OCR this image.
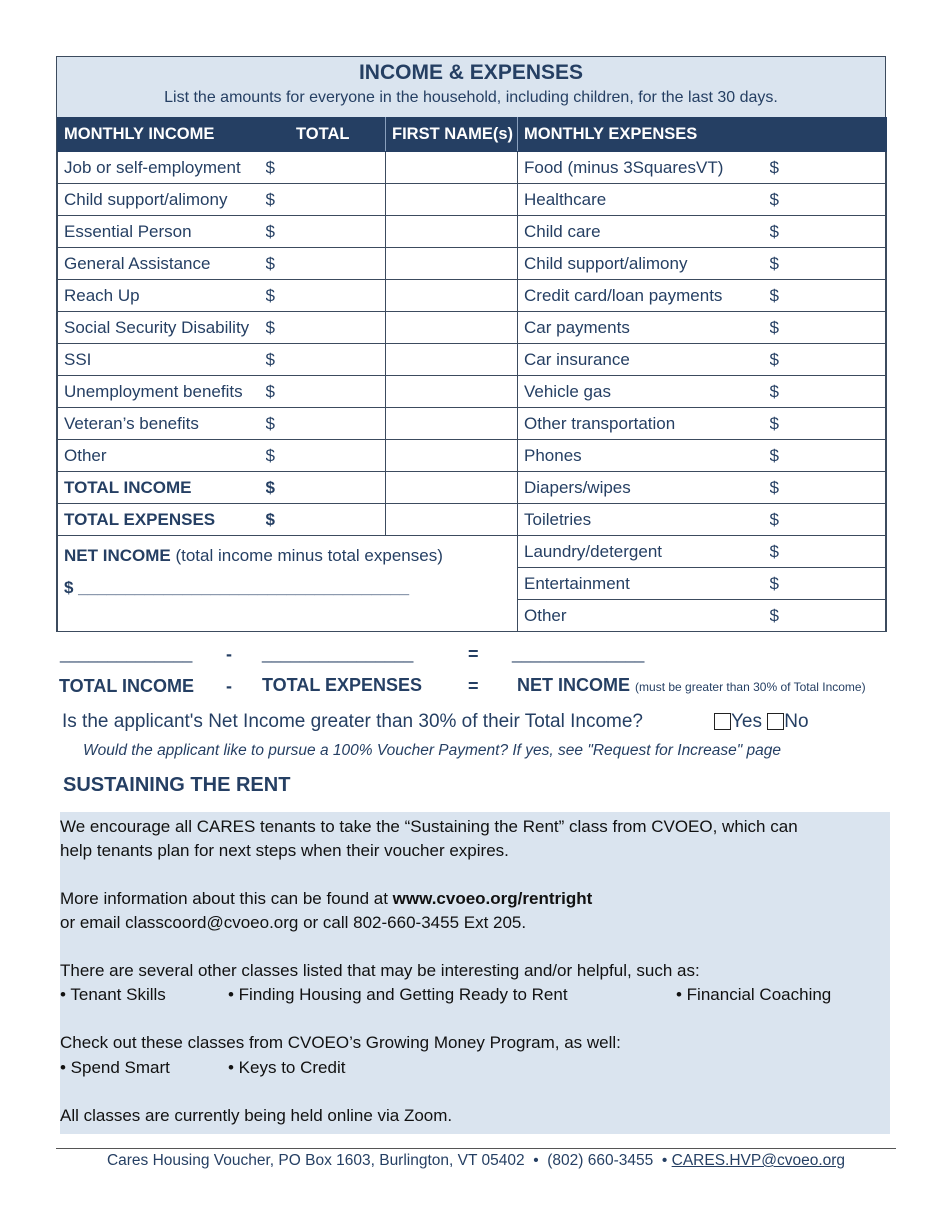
INCOME & EXPENSES
List the amounts for everyone in the household, including children, for the last 30 days.
MONTHLY INCOME	TOTAL	FIRST NAME(s)	MONTHLY EXPENSES	
Job or self-employment	$		Food (minus 3SquaresVT)	$
Child support/alimony	$		Healthcare	$
Essential Person	$		Child care	$
General Assistance	$		Child support/alimony	$
Reach Up	$		Credit card/loan payments	$
Social Security Disability	$		Car payments	$
SSI	$		Car insurance	$
Unemployment benefits	$		Vehicle gas	$
Veteran’s benefits	$		Other transportation	$
Other	$		Phones	$
TOTAL INCOME	$		Diapers/wipes	$
TOTAL EXPENSES	$		Toiletries	$

NET INCOME (total income minus total expenses)
$ ___________________________________			Laundry/detergent	$
			Entertainment	$
			Other	$
______________ - ________________	= ______________
TOTAL INCOME - TOTAL EXPENSES	= NET INCOME (must be greater than 30% of Total Income)
Is the applicant's Net Income greater than 30% of their Total Income?	Yes No
Would the applicant like to pursue a 100% Voucher Payment? If yes, see "Request for Increase" page
SUSTAINING THE RENT

We encourage all CARES tenants to take the “Sustaining the Rent” class from CVOEO, which can

help tenants plan for next steps when their voucher expires.

More information about this can be found at www.cvoeo.org/rentright

or email classcoord@cvoeo.org or call 802-660-3455 Ext 205.

There are several other classes listed that may be interesting and/or helpful, such as:

• Tenant Skills	• Finding Housing and Getting Ready to Rent	• Financial Coaching

Check out these classes from CVOEO’s Growing Money Program, as well:

• Spend Smart	• Keys to Credit

All classes are currently being held online via Zoom.

Cares Housing Voucher, PO Box 1603, Burlington, VT 05402 • (802) 660-3455 • CARES.HVP@cvoeo.org
